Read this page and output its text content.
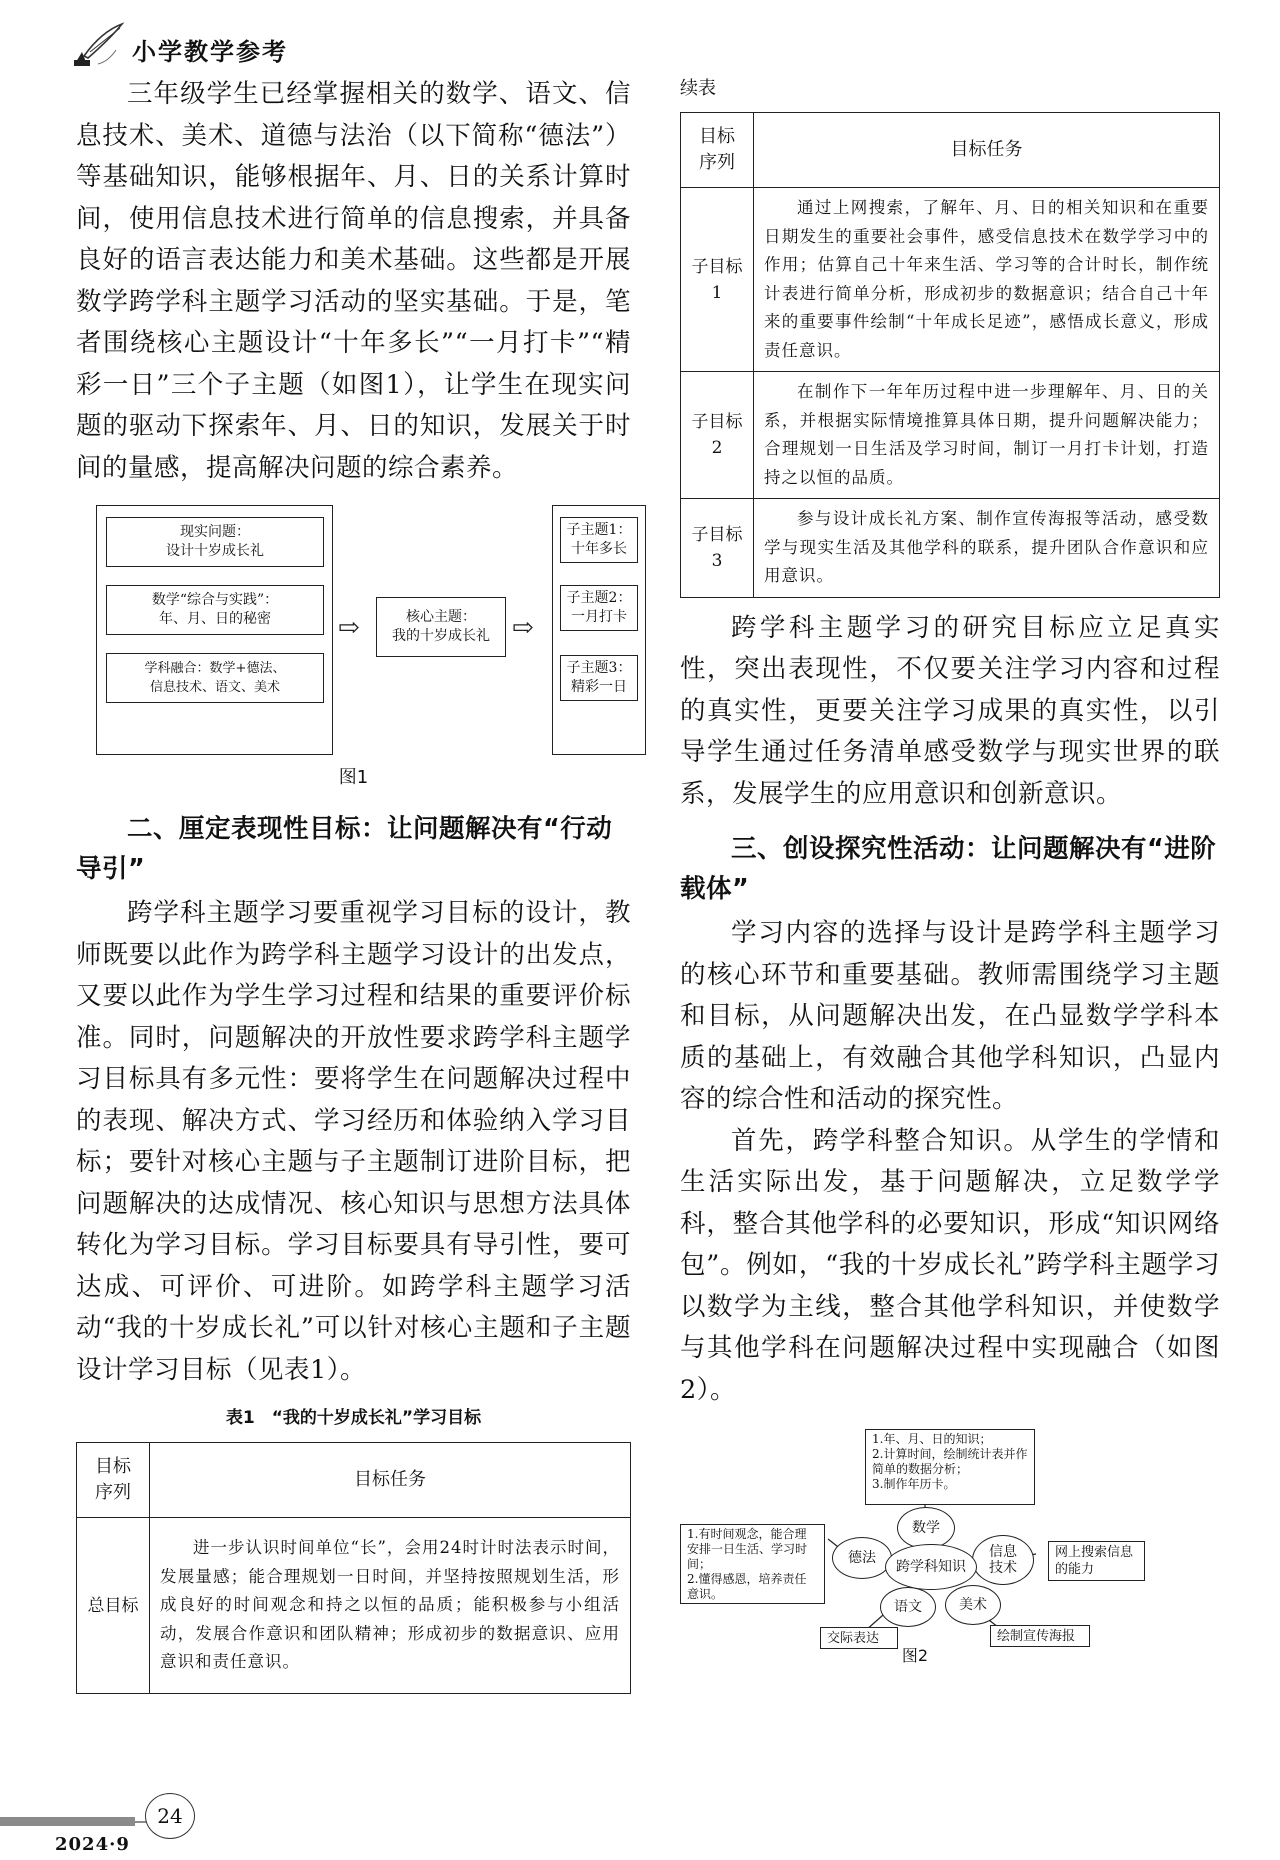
小学教学参考

三年级学生已经掌握相关的数学、语文、信息技术、美术、道德与法治（以下简称“德法”）等基础知识，能够根据年、月、日的关系计算时间，使用信息技术进行简单的信息搜索，并具备良好的语言表达能力和美术基础。这些都是开展数学跨学科主题学习活动的坚实基础。于是，笔者围绕核心主题设计“十年多长”“一月打卡”“精彩一日”三个子主题（如图1），让学生在现实问题的驱动下探索年、月、日的知识，发展关于时间的量感，提高解决问题的综合素养。

现实问题：
设计十岁成长礼
数学“综合与实践”：
年、月、日的秘密
学科融合：数学+德法、
信息技术、语文、美术
⇨	核心主题：
我的十岁成长礼 ⇨
子主题1：
十年多长
子主题2：
一月打卡
子主题3：
精彩一日
图1
二、厘定表现性目标：让问题解决有“行动导引”

跨学科主题学习要重视学习目标的设计，教师既要以此作为跨学科主题学习设计的出发点，又要以此作为学生学习过程和结果的重要评价标准。同时，问题解决的开放性要求跨学科主题学习目标具有多元性：要将学生在问题解决过程中的表现、解决方式、学习经历和体验纳入学习目标；要针对核心主题与子主题制订进阶目标，把问题解决的达成情况、核心知识与思想方法具体转化为学习目标。学习目标要具有导引性，要可达成、可评价、可进阶。如跨学科主题学习活动“我的十岁成长礼”可以针对核心主题和子主题设计学习目标（见表1）。

表1　“我的十岁成长礼”学习目标
目标
序列	目标任务
总目标	进一步认识时间单位“长”，会用24时计时法表示时间，发展量感；能合理规划一日时间，并坚持按照规划生活，形成良好的时间观念和持之以恒的品质；能积极参与小组活动，发展合作意识和团队精神；形成初步的数据意识、应用意识和责任意识。
续表
目标
序列	目标任务
子目标
1	通过上网搜索，了解年、月、日的相关知识和在重要日期发生的重要社会事件，感受信息技术在数学学习中的作用；估算自己十年来生活、学习等的合计时长，制作统计表进行简单分析，形成初步的数据意识；结合自己十年来的重要事件绘制“十年成长足迹”，感悟成长意义，形成责任意识。

子目标
2	在制作下一年年历过程中进一步理解年、月、日的关系，并根据实际情境推算具体日期，提升问题解决能力；合理规划一日生活及学习时间，制订一月打卡计划，打造持之以恒的品质。

子目标
3	参与设计成长礼方案、制作宣传海报等活动，感受数学与现实生活及其他学科的联系，提升团队合作意识和应用意识。

跨学科主题学习的研究目标应立足真实性，突出表现性，不仅要关注学习内容和过程的真实性，更要关注学习成果的真实性，以引导学生通过任务清单感受数学与现实世界的联系，发展学生的应用意识和创新意识。

三、创设探究性活动：让问题解决有“进阶载体”

学习内容的选择与设计是跨学科主题学习的核心环节和重要基础。教师需围绕学习主题和目标，从问题解决出发，在凸显数学学科本质的基础上，有效融合其他学科知识，凸显内容的综合性和活动的探究性。

首先，跨学科整合知识。从学生的学情和生活实际出发，基于问题解决，立足数学学科，整合其他学科的必要知识，形成“知识网络包”。例如，“我的十岁成长礼”跨学科主题学习以数学为主线，整合其他学科知识，并使数学与其他学科在问题解决过程中实现融合（如图2）。

1.年、月、日的知识；
2.计算时间，绘制统计表并作简单的数据分析；
3.制作年历卡。
1.有时间观念，能合理安排一日生活、学习时间；
2.懂得感恩，培养责任意识。
网上搜索信息的能力
交际表达	绘制宣传海报
数学
德法	信息
技术
语文	美术
跨学科知识
图2
24
2024·9
